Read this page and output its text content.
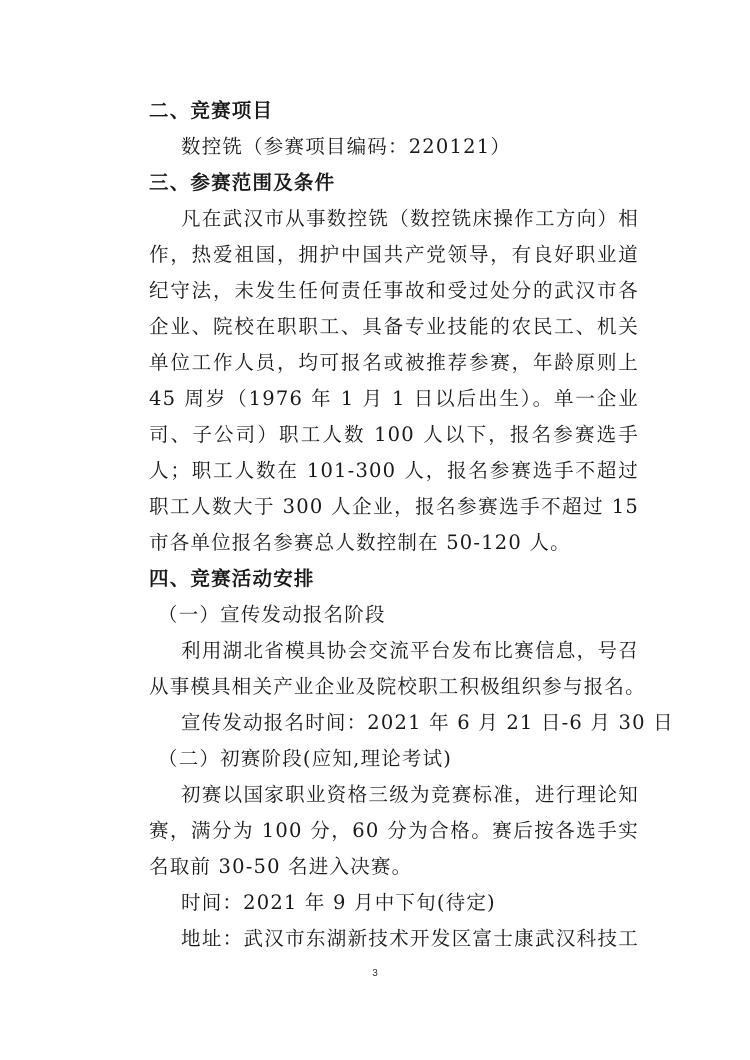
二、竞赛项目
数控铣（参赛项目编码：220121）
三、参赛范围及条件
凡在武汉市从事数控铣（数控铣床操作工方向）相
作，热爱祖国，拥护中国共产党领导，有良好职业道
纪守法，未发生任何责任事故和受过处分的武汉市各
企业、院校在职职工、具备专业技能的农民工、机关
单位工作人员，均可报名或被推荐参赛，年龄原则上
45 周岁（1976 年 1 月 1 日以后出生）。单一企业
司、子公司）职工人数 100 人以下，报名参赛选手
人；职工人数在 101-300 人，报名参赛选手不超过
职工人数大于 300 人企业，报名参赛选手不超过 15
市各单位报名参赛总人数控制在 50-120 人。
四、竞赛活动安排
（一）宣传发动报名阶段
利用湖北省模具协会交流平台发布比赛信息，号召
从事模具相关产业企业及院校职工积极组织参与报名。
宣传发动报名时间：2021 年 6 月 21 日-6 月 30 日
（二）初赛阶段(应知,理论考试)
初赛以国家职业资格三级为竞赛标准，进行理论知
赛，满分为 100 分，60 分为合格。赛后按各选手实
名取前 30-50 名进入决赛。
时间：2021 年 9 月中下旬(待定)
地址：武汉市东湖新技术开发区富士康武汉科技工
3
